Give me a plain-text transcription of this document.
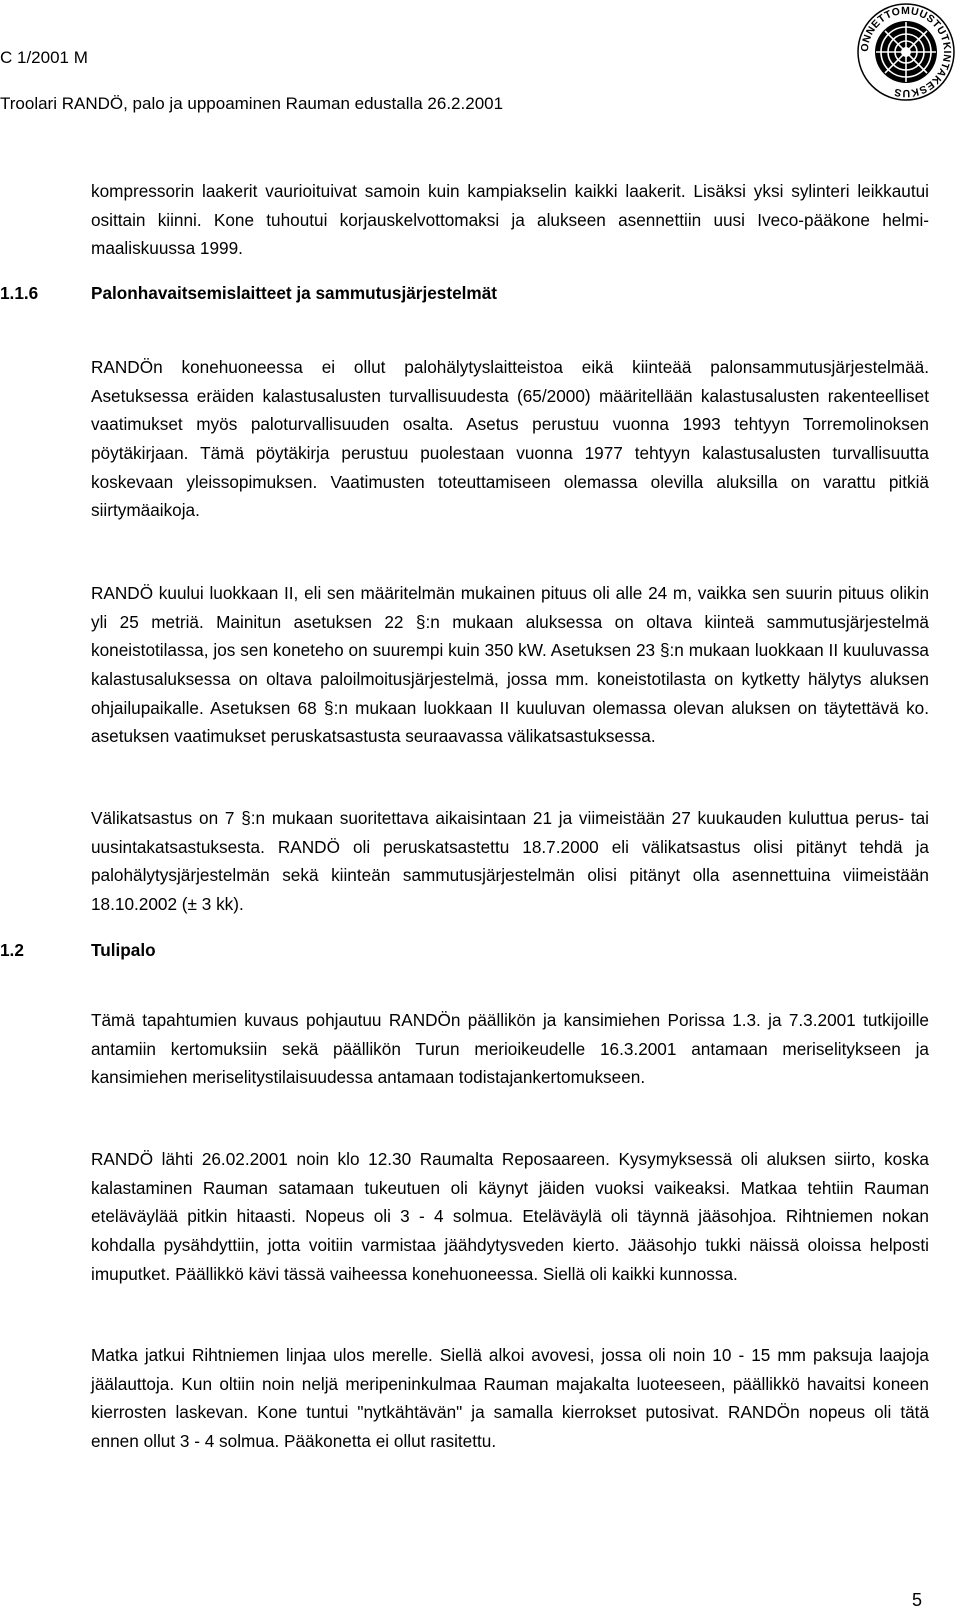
C 1/2001 M
Troolari RANDÖ, palo ja uppoaminen Rauman edustalla 26.2.2001
ONNETTOMUUSTUTKINTAKESKUS

kompressorin laakerit vaurioituivat samoin kuin kampiakselin kaikki laakerit. Lisäksi yksi sylinteri leikkautui osittain kiinni. Kone tuhoutui korjauskelvottomaksi ja alukseen asennettiin uusi Iveco-pääkone helmi-maaliskuussa 1999.

1.1.6	Palonhavaitsemislaitteet ja sammutusjärjestelmät

RANDÖn konehuoneessa ei ollut palohälytyslaitteistoa eikä kiinteää palonsammutusjärjestelmää. Asetuksessa eräiden kalastusalusten turvallisuudesta (65/2000) määritellään kalastusalusten rakenteelliset vaatimukset myös paloturvallisuuden osalta. Asetus perustuu vuonna 1993 tehtyyn Torremolinoksen pöytäkirjaan. Tämä pöytäkirja perustuu puolestaan vuonna 1977 tehtyyn kalastusalusten turvallisuutta koskevaan yleissopimuksen. Vaatimusten toteuttamiseen olemassa olevilla aluksilla on varattu pitkiä siirtymäaikoja.

RANDÖ kuului luokkaan II, eli sen määritelmän mukainen pituus oli alle 24 m, vaikka sen suurin pituus olikin yli 25 metriä. Mainitun asetuksen 22 §:n mukaan aluksessa on oltava kiinteä sammutusjärjestelmä koneistotilassa, jos sen koneteho on suurempi kuin 350 kW. Asetuksen 23 §:n mukaan luokkaan II kuuluvassa kalastusaluksessa on oltava paloilmoitusjärjestelmä, jossa mm. koneistotilasta on kytketty hälytys aluksen ohjailupaikalle. Asetuksen 68 §:n mukaan luokkaan II kuuluvan olemassa olevan aluksen on täytettävä ko. asetuksen vaatimukset peruskatsastusta seuraavassa välikatsastuksessa.

Välikatsastus on 7 §:n mukaan suoritettava aikaisintaan 21 ja viimeistään 27 kuukauden kuluttua perus- tai uusintakatsastuksesta. RANDÖ oli peruskatsastettu 18.7.2000 eli välikatsastus olisi pitänyt tehdä ja palohälytysjärjestelmän sekä kiinteän sammutusjärjestelmän olisi pitänyt olla asennettuina viimeistään 18.10.2002 (± 3 kk).

1.2	Tulipalo

Tämä tapahtumien kuvaus pohjautuu RANDÖn päällikön ja kansimiehen Porissa 1.3. ja 7.3.2001 tutkijoille antamiin kertomuksiin sekä päällikön Turun merioikeudelle 16.3.2001 antamaan meriselitykseen ja kansimiehen meriselitystilaisuudessa antamaan todistajankertomukseen.

RANDÖ lähti 26.02.2001 noin klo 12.30 Raumalta Reposaareen. Kysymyksessä oli aluksen siirto, koska kalastaminen Rauman satamaan tukeutuen oli käynyt jäiden vuoksi vaikeaksi. Matkaa tehtiin Rauman eteläväylää pitkin hitaasti. Nopeus oli 3 - 4 solmua. Eteläväylä oli täynnä jääsohjoa. Rihtniemen nokan kohdalla pysähdyttiin, jotta voitiin varmistaa jäähdytysveden kierto. Jääsohjo tukki näissä oloissa helposti imuputket. Päällikkö kävi tässä vaiheessa konehuoneessa. Siellä oli kaikki kunnossa.

Matka jatkui Rihtniemen linjaa ulos merelle. Siellä alkoi avovesi, jossa oli noin 10 - 15 mm paksuja laajoja jäälauttoja. Kun oltiin noin neljä meripeninkulmaa Rauman majakalta luoteeseen, päällikkö havaitsi koneen kierrosten laskevan. Kone tuntui "nytkähtävän" ja samalla kierrokset putosivat. RANDÖn nopeus oli tätä ennen ollut 3 - 4 solmua. Pääkonetta ei ollut rasitettu.

5
